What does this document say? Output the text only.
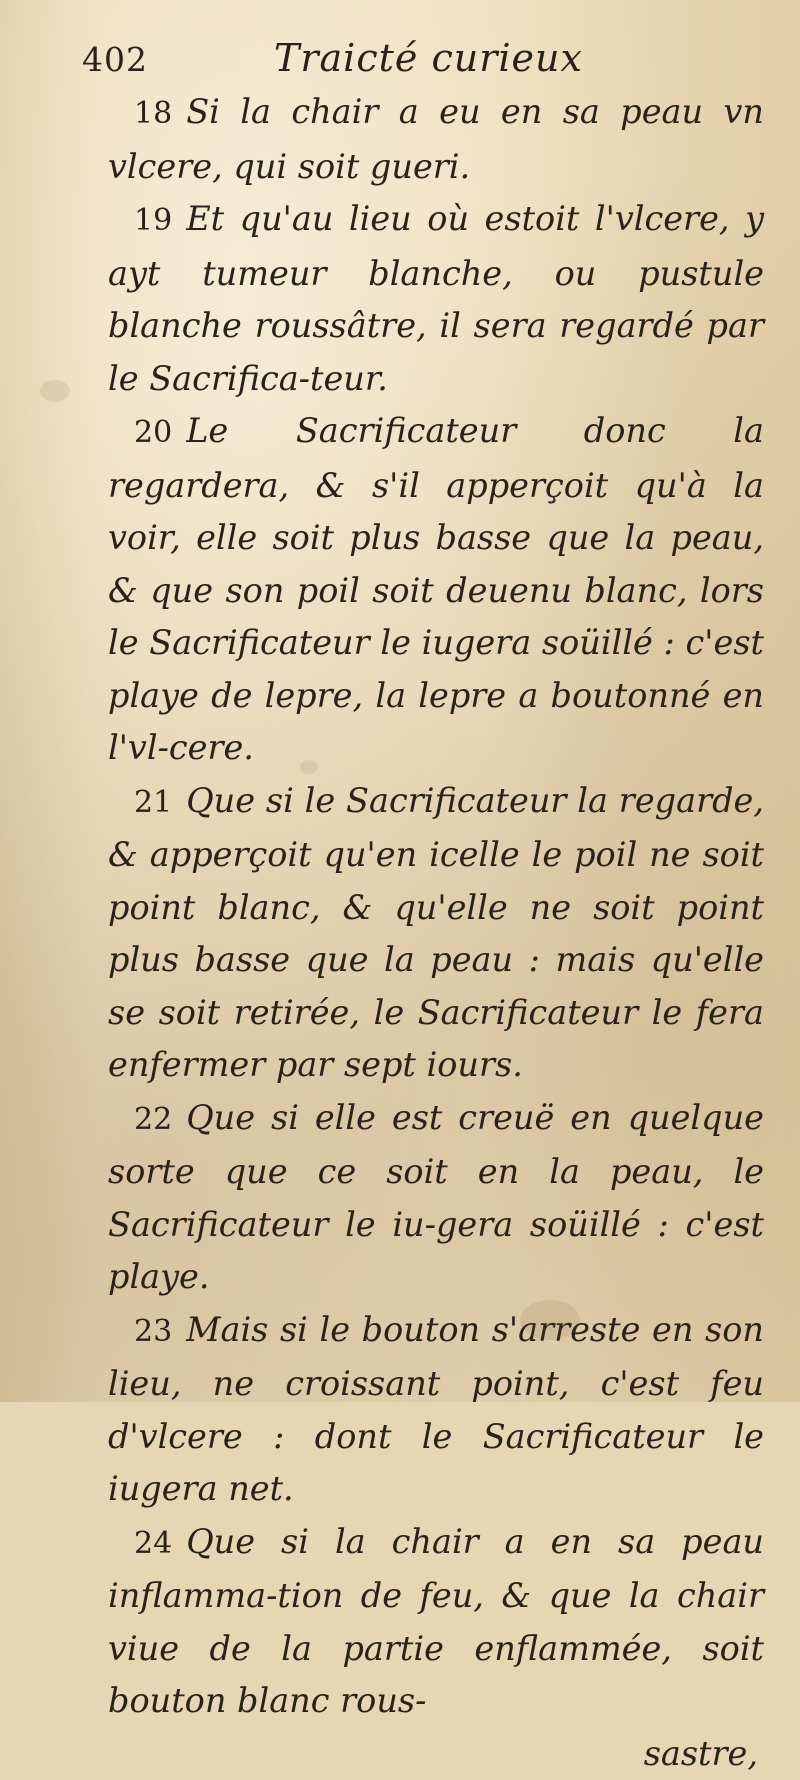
402	Traicté curieux

18 Si la chair a eu en sa peau vn vlcere, qui soit gueri.

19 Et qu'au lieu où estoit l'vlcere, y ayt tumeur blanche, ou pustule blanche roussâtre, il sera regardé par le Sacrifica-teur.

20 Le Sacrificateur donc la regardera, & s'il apperçoit qu'à la voir, elle soit plus basse que la peau, & que son poil soit deuenu blanc, lors le Sacrificateur le iugera soüillé : c'est playe de lepre, la lepre a boutonné en l'vl-cere.

21 Que si le Sacrificateur la regarde, & apperçoit qu'en icelle le poil ne soit point blanc, & qu'elle ne soit point plus basse que la peau : mais qu'elle se soit retirée, le Sacrificateur le fera enfermer par sept iours.

22 Que si elle est creuë en quelque sorte que ce soit en la peau, le Sacrificateur le iu-gera soüillé : c'est playe.

23 Mais si le bouton s'arreste en son lieu, ne croissant point, c'est feu d'vlcere : dont le Sacrificateur le iugera net.

24 Que si la chair a en sa peau inflamma-tion de feu, & que la chair viue de la partie enflammée, soit bouton blanc rous-

sastre,
